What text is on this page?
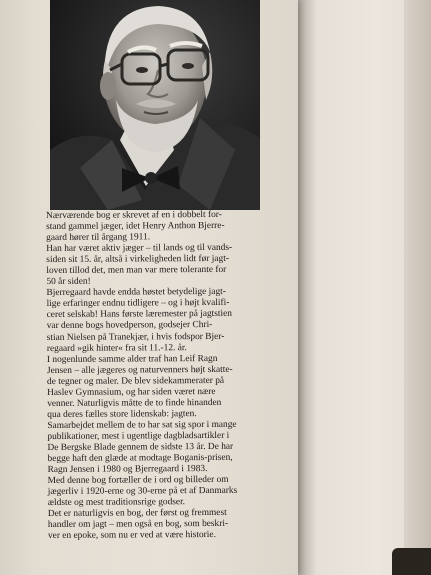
Nærværende bog er skrevet af en i dobbelt for-
stand gammel jæger, idet Henry Anthon Bjerre-
gaard hører til årgang 1911.
Han har været aktiv jæger – til lands og til vands-
siden sit 15. år, altså i virkeligheden lidt før jagt-
loven tillod det, men man var mere tolerante for
50 år siden!
Bjerregaard havde endda høstet betydelige jagt-
lige erfaringer endnu tidligere – og i højt kvalifi-
ceret selskab! Hans første læremester på jagtstien
var denne bogs hovedperson, godsejer Chri-
stian Nielsen på Tranekjær, i hvis fodspor Bjer-
regaard »gik hinter« fra sit 11.-12. år.
I nogenlunde samme alder traf han Leif Ragn
Jensen – alle jægeres og naturvenners højt skatte-
de tegner og maler. De blev sidekammerater på
Haslev Gymnasium, og har siden været nære
venner. Naturligvis måtte de to finde hinanden
qua deres fælles store lidenskab: jagten.
Samarbejdet mellem de to har sat sig spor i mange
publikationer, mest i ugentlige dagbladsartikler i
De Bergske Blade gennem de sidste 13 år. De har
begge haft den glæde at modtage Boganis-prisen,
Ragn Jensen i 1980 og Bjerregaard i 1983.
Med denne bog fortæller de i ord og billeder om
jægerliv i 1920-erne og 30-erne på et af Danmarks
ældste og mest traditionsrige godser.
Det er naturligvis en bog, der først og fremmest
handler om jagt – men også en bog, som beskri-
ver en epoke, som nu er ved at være historie.
